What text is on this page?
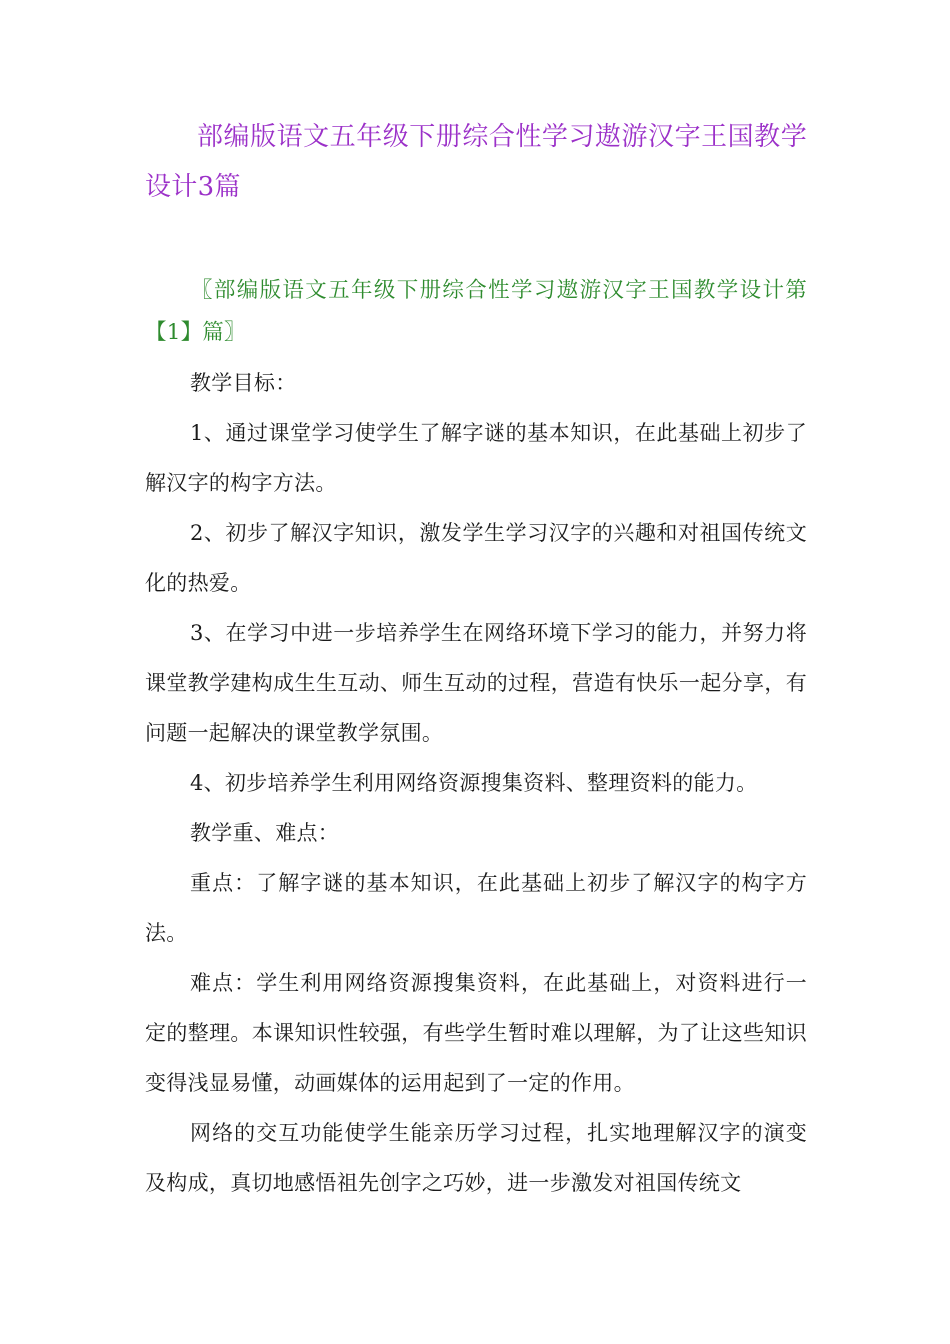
部编版语文五年级下册综合性学习遨游汉字王国教学设计3篇
〖部编版语文五年级下册综合性学习遨游汉字王国教学设计第【1】篇〗

教学目标：

1、通过课堂学习使学生了解字谜的基本知识，在此基础上初步了解汉字的构字方法。

2、初步了解汉字知识，激发学生学习汉字的兴趣和对祖国传统文化的热爱。

3、在学习中进一步培养学生在网络环境下学习的能力，并努力将课堂教学建构成生生互动、师生互动的过程，营造有快乐一起分享，有问题一起解决的课堂教学氛围。

4、初步培养学生利用网络资源搜集资料、整理资料的能力。

教学重、难点：

重点：了解字谜的基本知识，在此基础上初步了解汉字的构字方法。

难点：学生利用网络资源搜集资料，在此基础上，对资料进行一定的整理。本课知识性较强，有些学生暂时难以理解，为了让这些知识变得浅显易懂，动画媒体的运用起到了一定的作用。

网络的交互功能使学生能亲历学习过程，扎实地理解汉字的演变及构成，真切地感悟祖先创字之巧妙，进一步激发对祖国传统文
